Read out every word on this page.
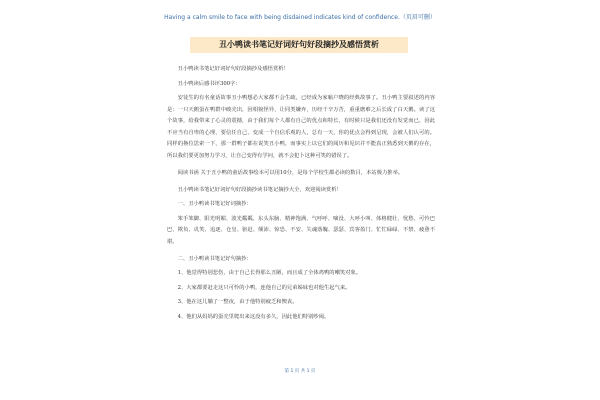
Having a calm smile to face with being disdained indicates kind of confidence.（页眉可删）
丑小鸭读书笔记好词好句好段摘抄及感悟赏析

丑小鸭读书笔记好词好句好段摘抄及感悟赏析！

丑小鸭读后感书评300字：

安徒生的有名童话故事丑小鸭想必大家都不会生疏，已经成为家喻户晓的经典故事了。丑小鸭主要叙述的内容是：一只天鹅蛋在鸭群中破壳出，因相貌怪异，让同类嫌弃，历经千辛万苦，重重磨难之后长成了白天鹅。读了这个故事，给我带来了心灵的震撼，由于我们每个人都有自己的优点和特长，有时候只是我们还没有发觉而已，因此不应当有自卑的心理，要信任自己，变成一个自信乐观的人，总有一天，你的优点会得到呈现，会被人们认可的。同样的换位思索一下，那一群鸭子都在说笑丑小鸭，而事实上以它们的阅历和见识并不能真正熟悉到天鹅的存在，所以我们要更加努力学习，让自己变得有学问，就不会犯卜这种可笑的错误了。

阅读书函 关于丑小鸭的童话故事绘本可以用10分，是每个学校生都必读的数目，本站极力推举。

丑小鸭读书笔记好词好句好段摘抄读书笔记摘抄大全，欢迎阅读赏析！

一、丑小鸭读书笔记好词摘抄：

笨手笨脚、阳光明媚、波光粼粼、东头东脑、精神饱满、气呼呼、嘀没、大呼小叫、体格健壮、忧愁、可怜巴巴、欺负、讥笑、追逐、仓皇、驱赶、颠沛、惊恐、不安、失魂落魄、瑟瑟、宾客盈门、忙忙碌碌、不禁、疲惫不堪。

二、丑小鸭读书笔记好句摘抄：

1、他觉得特别悲伤，由于自己长得那么丑陋，而且成了全体鸡鸭的嘲笑对象。

2、大家都要赶走这只可怜的小鸭，连他自己的兄弟姊妹也对他生起气来。

3、他在这儿躺了一整夜，由于他特别疲乏和懊丧。

4、他们从妈妈的蛋壳里爬出来这没有多久，因此他们特别吵闹。

第 1 页 共 1 页
